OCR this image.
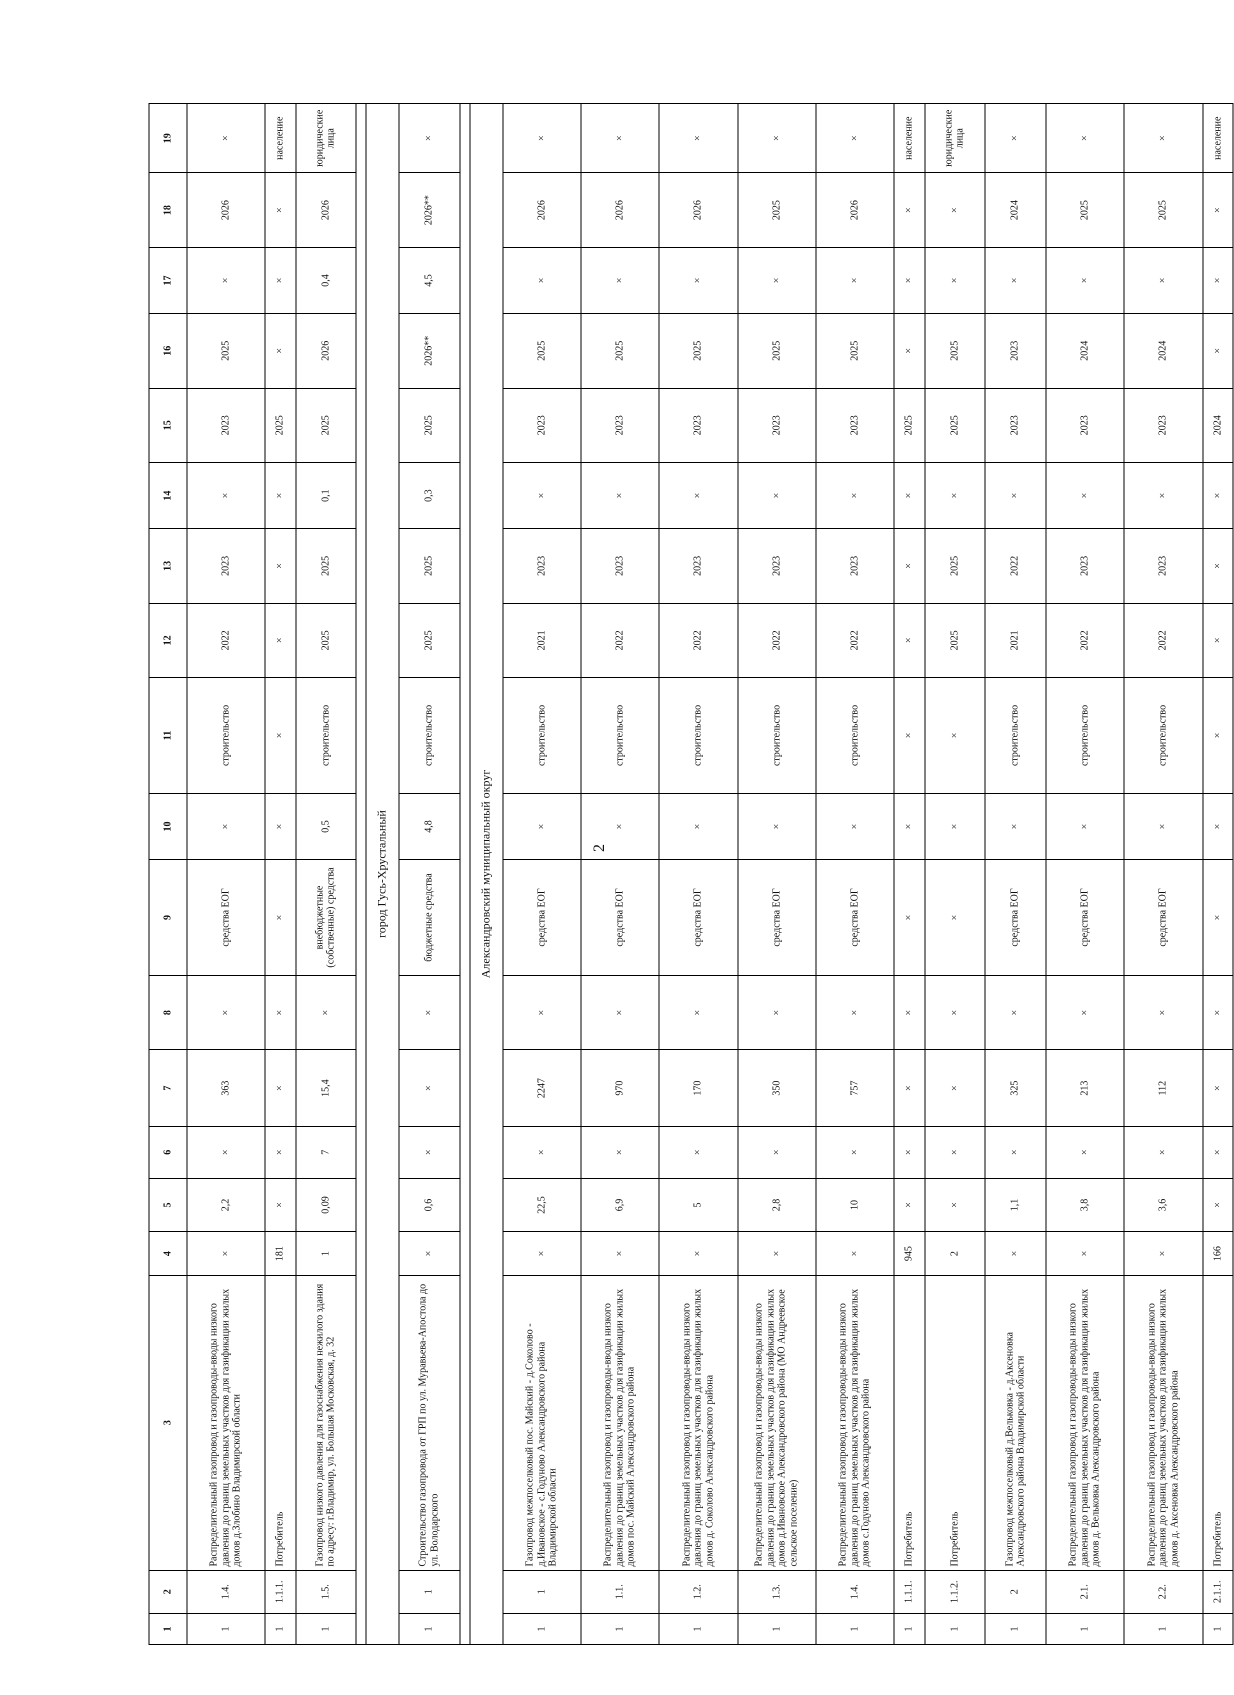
2
1	2	3	4	5	6	7	8	9	10	11	12	13	14	15	16	17	18	19
1	1.4.	Распределительный газопровод и газопроводы-вводы низкого давления до границ земельных участков для газификации жилых домов д.Злобино Владимирской области	×	2,2	×	363	×	средства ЕОГ	×	строительство	2022	2023	×	2023	2025	×	2026	×
1	1.1.1.	Потребитель	181	×	×	×	×	×	×	×	×	×	×	2025	×	×	×	население
1	1.5.	Газопровод низкого давления для газоснабжения нежилого здания по адресу: г.Владимир, ул. Большая Московская, д. 32	1	0,09	7	15,4	×	внебюджетные (собственные) средства	0,5	строительство	2025	2025	0,1	2025	2026	0,4	2026	юридические лица

город Гусь-Хрустальный																		
1	1	Строительство газопровода от ГРП по ул. Муравьева-Апостола до ул. Володарского	×	0,6	×	×	×	бюджетные средства	4,8	строительство	2025	2025	0,3	2025	2026**	4,5	2026**	×

Александровский муниципальный округ																		
1	1	Газопровод межпоселковый пос. Майский - д.Соколово - д.Ивановское - с.Годуново Александровского района Владимирской области	×	22,5	×	2247	×	средства ЕОГ	×	строительство	2021	2023	×	2023	2025	×	2026	×
1	1.1.	Распределительный газопровод и газопроводы-вводы низкого давления до границ земельных участков для газификации жилых домов пос. Майский Александровского района	×	6,9	×	970	×	средства ЕОГ	×	строительство	2022	2023	×	2023	2025	×	2026	×
1	1.2.	Распределительный газопровод и газопроводы-вводы низкого давления до границ земельных участков для газификации жилых домов д. Соколово Александровского района	×	5	×	170	×	средства ЕОГ	×	строительство	2022	2023	×	2023	2025	×	2026	×
1	1.3.	Распределительный газопровод и газопроводы-вводы низкого давления до границ земельных участков для газификации жилых домов д.Ивановское Александровского района (МО Андреевское сельское поселение)	×	2,8	×	350	×	средства ЕОГ	×	строительство	2022	2023	×	2023	2025	×	2025	×
1	1.4.	Распределительный газопровод и газопроводы-вводы низкого давления до границ земельных участков для газификации жилых домов с.Годуново Александровского района	×	10	×	757	×	средства ЕОГ	×	строительство	2022	2023	×	2023	2025	×	2026	×
1	1.1.1.	Потребитель	945	×	×	×	×	×	×	×	×	×	×	2025	×	×	×	население
1	1.1.2.	Потребитель	2	×	×	×	×	×	×	×	2025	2025	×	2025	2025	×	×	юридические лица
1	2	Газопровод межпоселковый д.Вельковка - д.Аксеновка Александровского района Владимирской области	×	1,1	×	325	×	средства ЕОГ	×	строительство	2021	2022	×	2023	2023	×	2024	×
1	2.1.	Распределительный газопровод и газопроводы-вводы низкого давления до границ земельных участков для газификации жилых домов д. Вельковка Александровского района	×	3,8	×	213	×	средства ЕОГ	×	строительство	2022	2023	×	2023	2024	×	2025	×
1	2.2.	Распределительный газопровод и газопроводы-вводы низкого давления до границ земельных участков для газификации жилых домов д. Аксеновка Александровского района	×	3,6	×	112	×	средства ЕОГ	×	строительство	2022	2023	×	2023	2024	×	2025	×
1	2.1.1.	Потребитель	166	×	×	×	×	×	×	×	×	×	×	2024	×	×	×	население
